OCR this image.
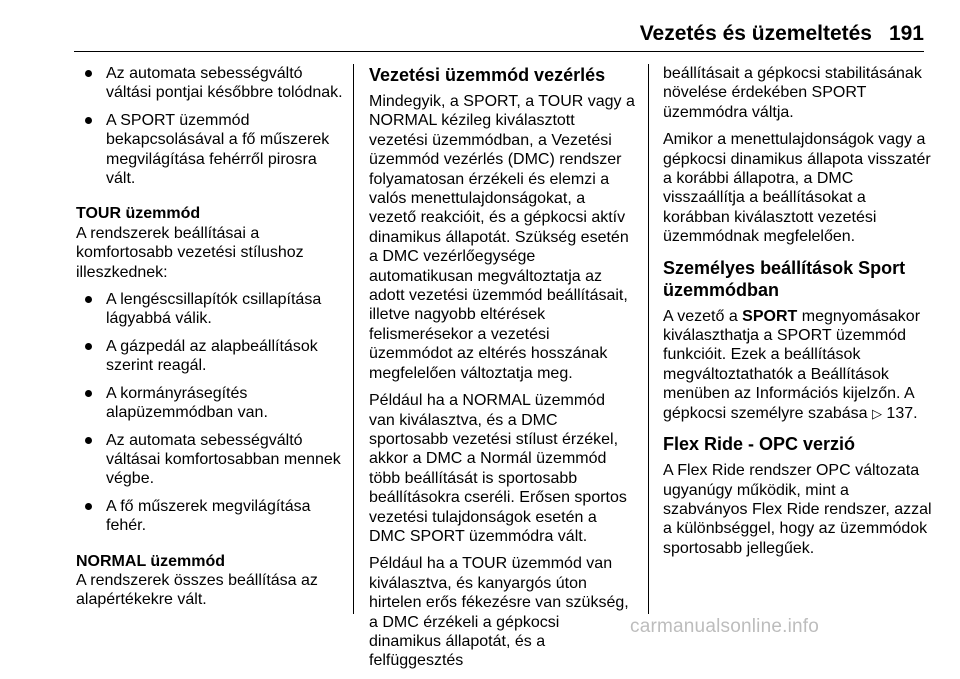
Vezetés és üzemeltetés 191
Az automata sebességváltó váltási pontjai későbbre tolódnak.
A SPORT üzemmód bekapcsolásával a fő műszerek megvilágítása fehérről pirosra vált.
TOUR üzemmód

A rendszerek beállításai a komfortosabb vezetési stílushoz illeszkednek:

A lengéscsillapítók csillapítása lágyabbá válik.
A gázpedál az alapbeállítások szerint reagál.
A kormányrásegítés alapüzemmódban van.
Az automata sebességváltó váltásai komfortosabban mennek végbe.
A fő műszerek megvilágítása fehér.
NORMAL üzemmód

A rendszerek összes beállítása az alapértékekre vált.

Vezetési üzemmód vezérlés

Mindegyik, a SPORT, a TOUR vagy a NORMAL kézileg kiválasztott vezetési üzemmódban, a Vezetési üzemmód vezérlés (DMC) rendszer folyamatosan érzékeli és elemzi a valós menettulajdonságokat, a vezető reakcióit, és a gépkocsi aktív dinamikus állapotát. Szükség esetén a DMC vezérlőegysége automatikusan megváltoztatja az adott vezetési üzemmód beállításait, illetve nagyobb eltérések felismerésekor a vezetési üzemmódot az eltérés hosszának megfelelően változtatja meg.

Például ha a NORMAL üzemmód van kiválasztva, és a DMC sportosabb vezetési stílust érzékel, akkor a DMC a Normál üzemmód több beállítását is sportosabb beállításokra cseréli. Erősen sportos vezetési tulajdonságok esetén a DMC SPORT üzemmódra vált.

Például ha a TOUR üzemmód van kiválasztva, és kanyargós úton hirtelen erős fékezésre van szükség, a DMC érzékeli a gépkocsi dinamikus állapotát, és a felfüggesztés

beállításait a gépkocsi stabilitásának növelése érdekében SPORT üzemmódra váltja.

Amikor a menettulajdonságok vagy a gépkocsi dinamikus állapota visszatér a korábbi állapotra, a DMC visszaállítja a beállításokat a korábban kiválasztott vezetési üzemmódnak megfelelően.

Személyes beállítások Sport üzemmódban

A vezető a SPORT megnyomásakor kiválaszthatja a SPORT üzemmód funkcióit. Ezek a beállítások megváltoztathatók a Beállítások menüben az Információs kijelzőn. A gépkocsi személyre szabása ▷ 137.

Flex Ride - OPC verzió

A Flex Ride rendszer OPC változata ugyanúgy működik, mint a szabványos Flex Ride rendszer, azzal a különbséggel, hogy az üzemmódok sportosabb jellegűek.

carmanualsonline.info
